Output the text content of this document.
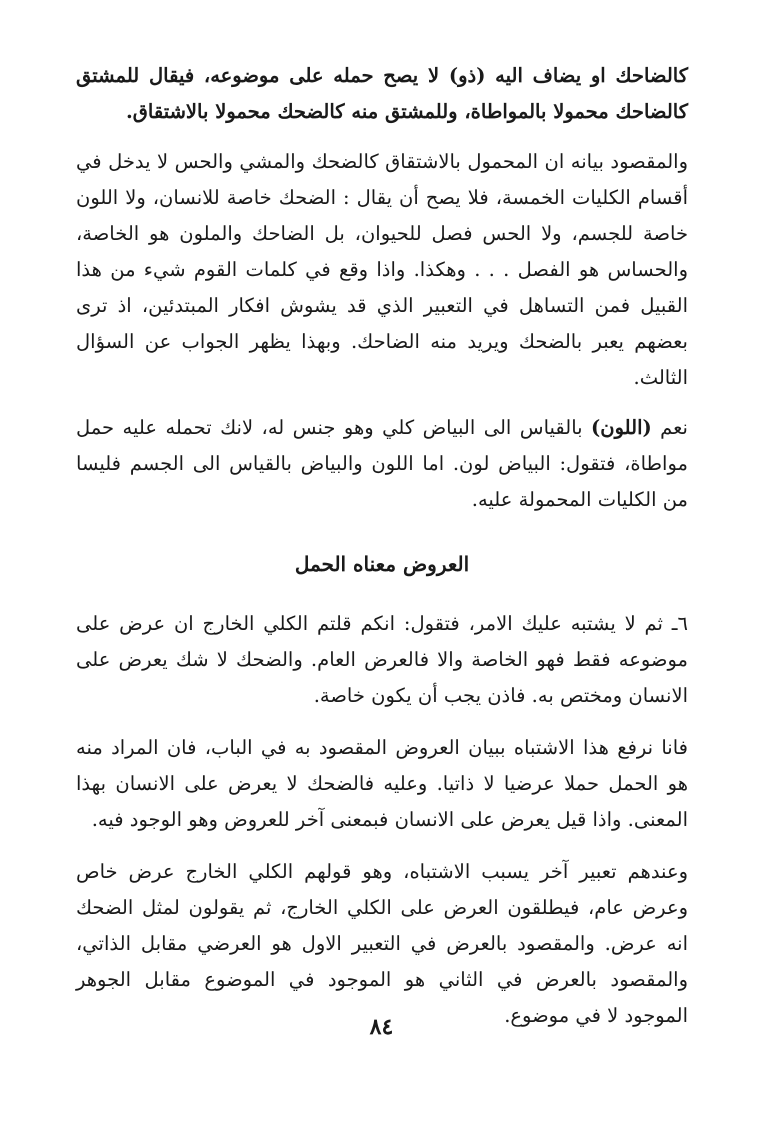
كالضاحك او يضاف اليه (ذو) لا يصح حمله على موضوعه، فيقال للمشتق كالضاحك محمولا بالمواطاة، وللمشتق منه كالضحك محمولا بالاشتقاق.

والمقصود بيانه ان المحمول بالاشتقاق كالضحك والمشي والحس لا يدخل في أقسام الكليات الخمسة، فلا يصح أن يقال : الضحك خاصة للانسان، ولا اللون خاصة للجسم، ولا الحس فصل للحيوان، بل الضاحك والملون هو الخاصة، والحساس هو الفصل . . . وهكذا. واذا وقع في كلمات القوم شيء من هذا القبيل فمن التساهل في التعبير الذي قد يشوش افكار المبتدئين، اذ ترى بعضهم يعبر بالضحك ويريد منه الضاحك. وبهذا يظهر الجواب عن السؤال الثالث.

نعم (اللون) بالقياس الى البياض كلي وهو جنس له، لانك تحمله عليه حمل مواطاة، فتقول: البياض لون. اما اللون والبياض بالقياس الى الجسم فليسا من الكليات المحمولة عليه.

العروض معناه الحمل

٦ـ ثم لا يشتبه عليك الامر، فتقول: انكم قلتم الكلي الخارج ان عرض على موضوعه فقط فهو الخاصة والا فالعرض العام. والضحك لا شك يعرض على الانسان ومختص به. فاذن يجب أن يكون خاصة.

فانا نرفع هذا الاشتباه ببيان العروض المقصود به في الباب، فان المراد منه هو الحمل حملا عرضيا لا ذاتيا. وعليه فالضحك لا يعرض على الانسان بهذا المعنى. واذا قيل يعرض على الانسان فبمعنى آخر للعروض وهو الوجود فيه.

وعندهم تعبير آخر يسبب الاشتباه، وهو قولهم الكلي الخارج عرض خاص وعرض عام، فيطلقون العرض على الكلي الخارج، ثم يقولون لمثل الضحك انه عرض. والمقصود بالعرض في التعبير الاول هو العرضي مقابل الذاتي، والمقصود بالعرض في الثاني هو الموجود في الموضوع مقابل الجوهر الموجود لا في موضوع.

٨٤
